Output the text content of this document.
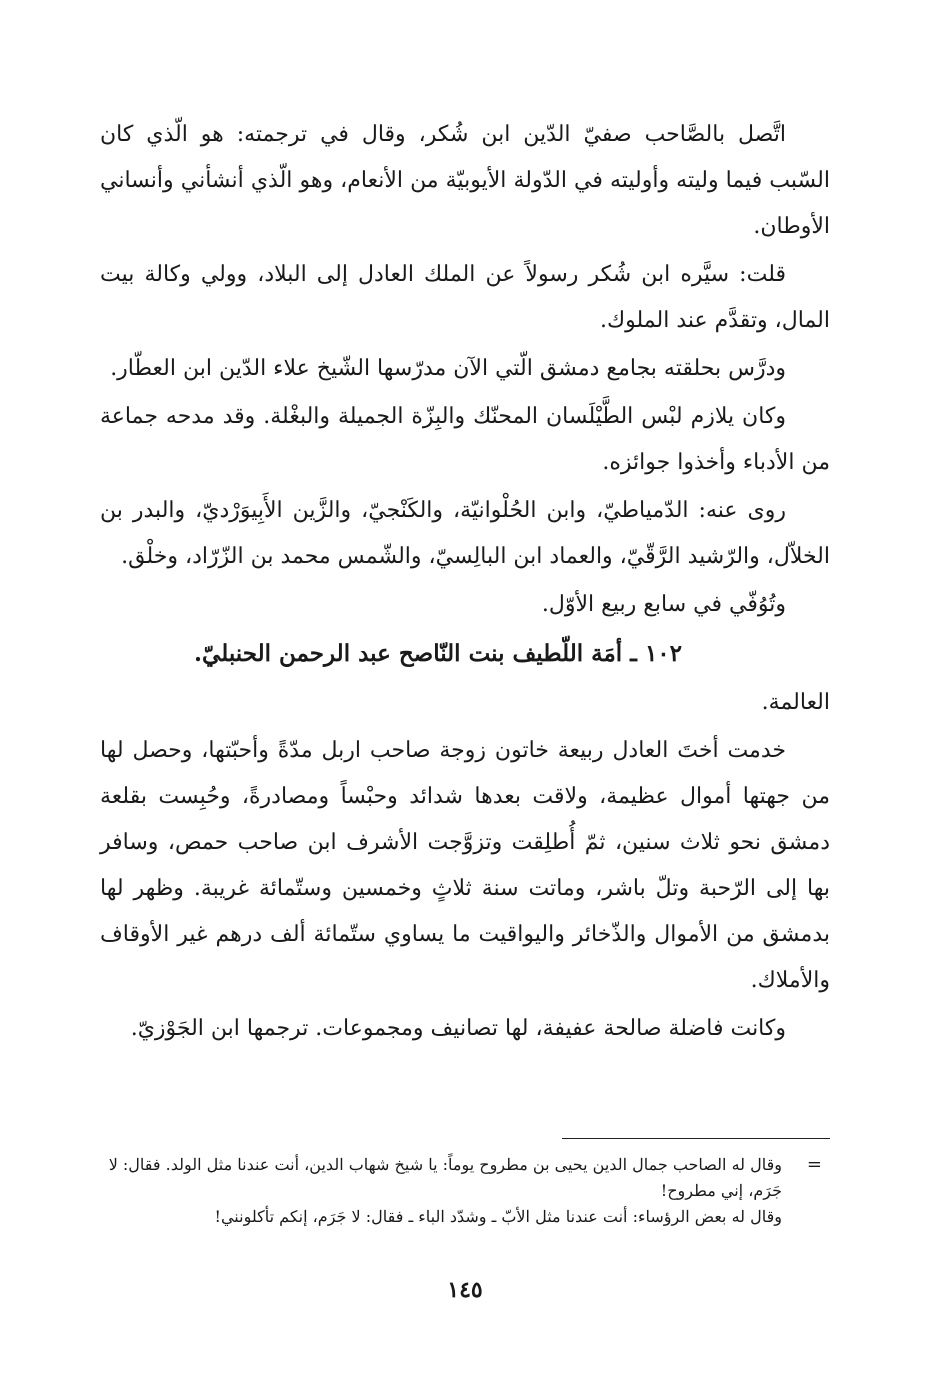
اتَّصل بالصَّاحب صفيّ الدّين ابن شُكر، وقال في ترجمته: هو الّذي كان السّبب فيما وليته وأوليته في الدّولة الأيوبيّة من الأنعام، وهو الّذي أنشأني وأنساني الأوطان.

قلت: سيَّره ابن شُكر رسولاً عن الملك العادل إلى البلاد، وولي وكالة بيت المال، وتقدَّم عند الملوك.

ودرَّس بحلقته بجامع دمشق الّتي الآن مدرّسها الشّيخ علاء الدّين ابن العطّار.

وكان يلازم لبْس الطَّيْلَسان المحنّك والبِزّة الجميلة والبغْلة. وقد مدحه جماعة من الأدباء وأخذوا جوائزه.

روى عنه: الدّمياطيّ، وابن الحُلْوانيّة، والكَنْجيّ، والزَّين الأَبِيوَرْديّ، والبدر بن الخلاّل، والرّشيد الرَّقّيّ، والعماد ابن البالِسيّ، والشّمس محمد بن الزّرّاد، وخلْق.

وتُوُفّي في سابع ربيع الأوّل.

١٠٢ ـ أمَة اللّطيف بنت النّاصح عبد الرحمن الحنبليّ.

العالمة.

خدمت أختَ العادل ربيعة خاتون زوجة صاحب اربل مدّةً وأحبّتها، وحصل لها من جهتها أموال عظيمة، ولاقت بعدها شدائد وحبْساً ومصادرةً، وحُبِست بقلعة دمشق نحو ثلاث سنين، ثمّ أُطلِقت وتزوَّجت الأشرف ابن صاحب حمص، وسافر بها إلى الرّحبة وتلّ باشر، وماتت سنة ثلاثٍ وخمسين وستّمائة غريبة. وظهر لها بدمشق من الأموال والذّخائر واليواقيت ما يساوي ستّمائة ألف درهم غير الأوقاف والأملاك.

وكانت فاضلة صالحة عفيفة، لها تصانيف ومجموعات. ترجمها ابن الجَوْزيّ.

=
وقال له الصاحب جمال الدين يحيى بن مطروح يوماً: يا شيخ شهاب الدين، أنت عندنا مثل الولد. فقال: لا جَرَم، إني مطروح!

وقال له بعض الرؤساء: أنت عندنا مثل الأبّ ـ وشدّد الباء ـ فقال: لا جَرَم، إنكم تأكلونني!

١٤٥
